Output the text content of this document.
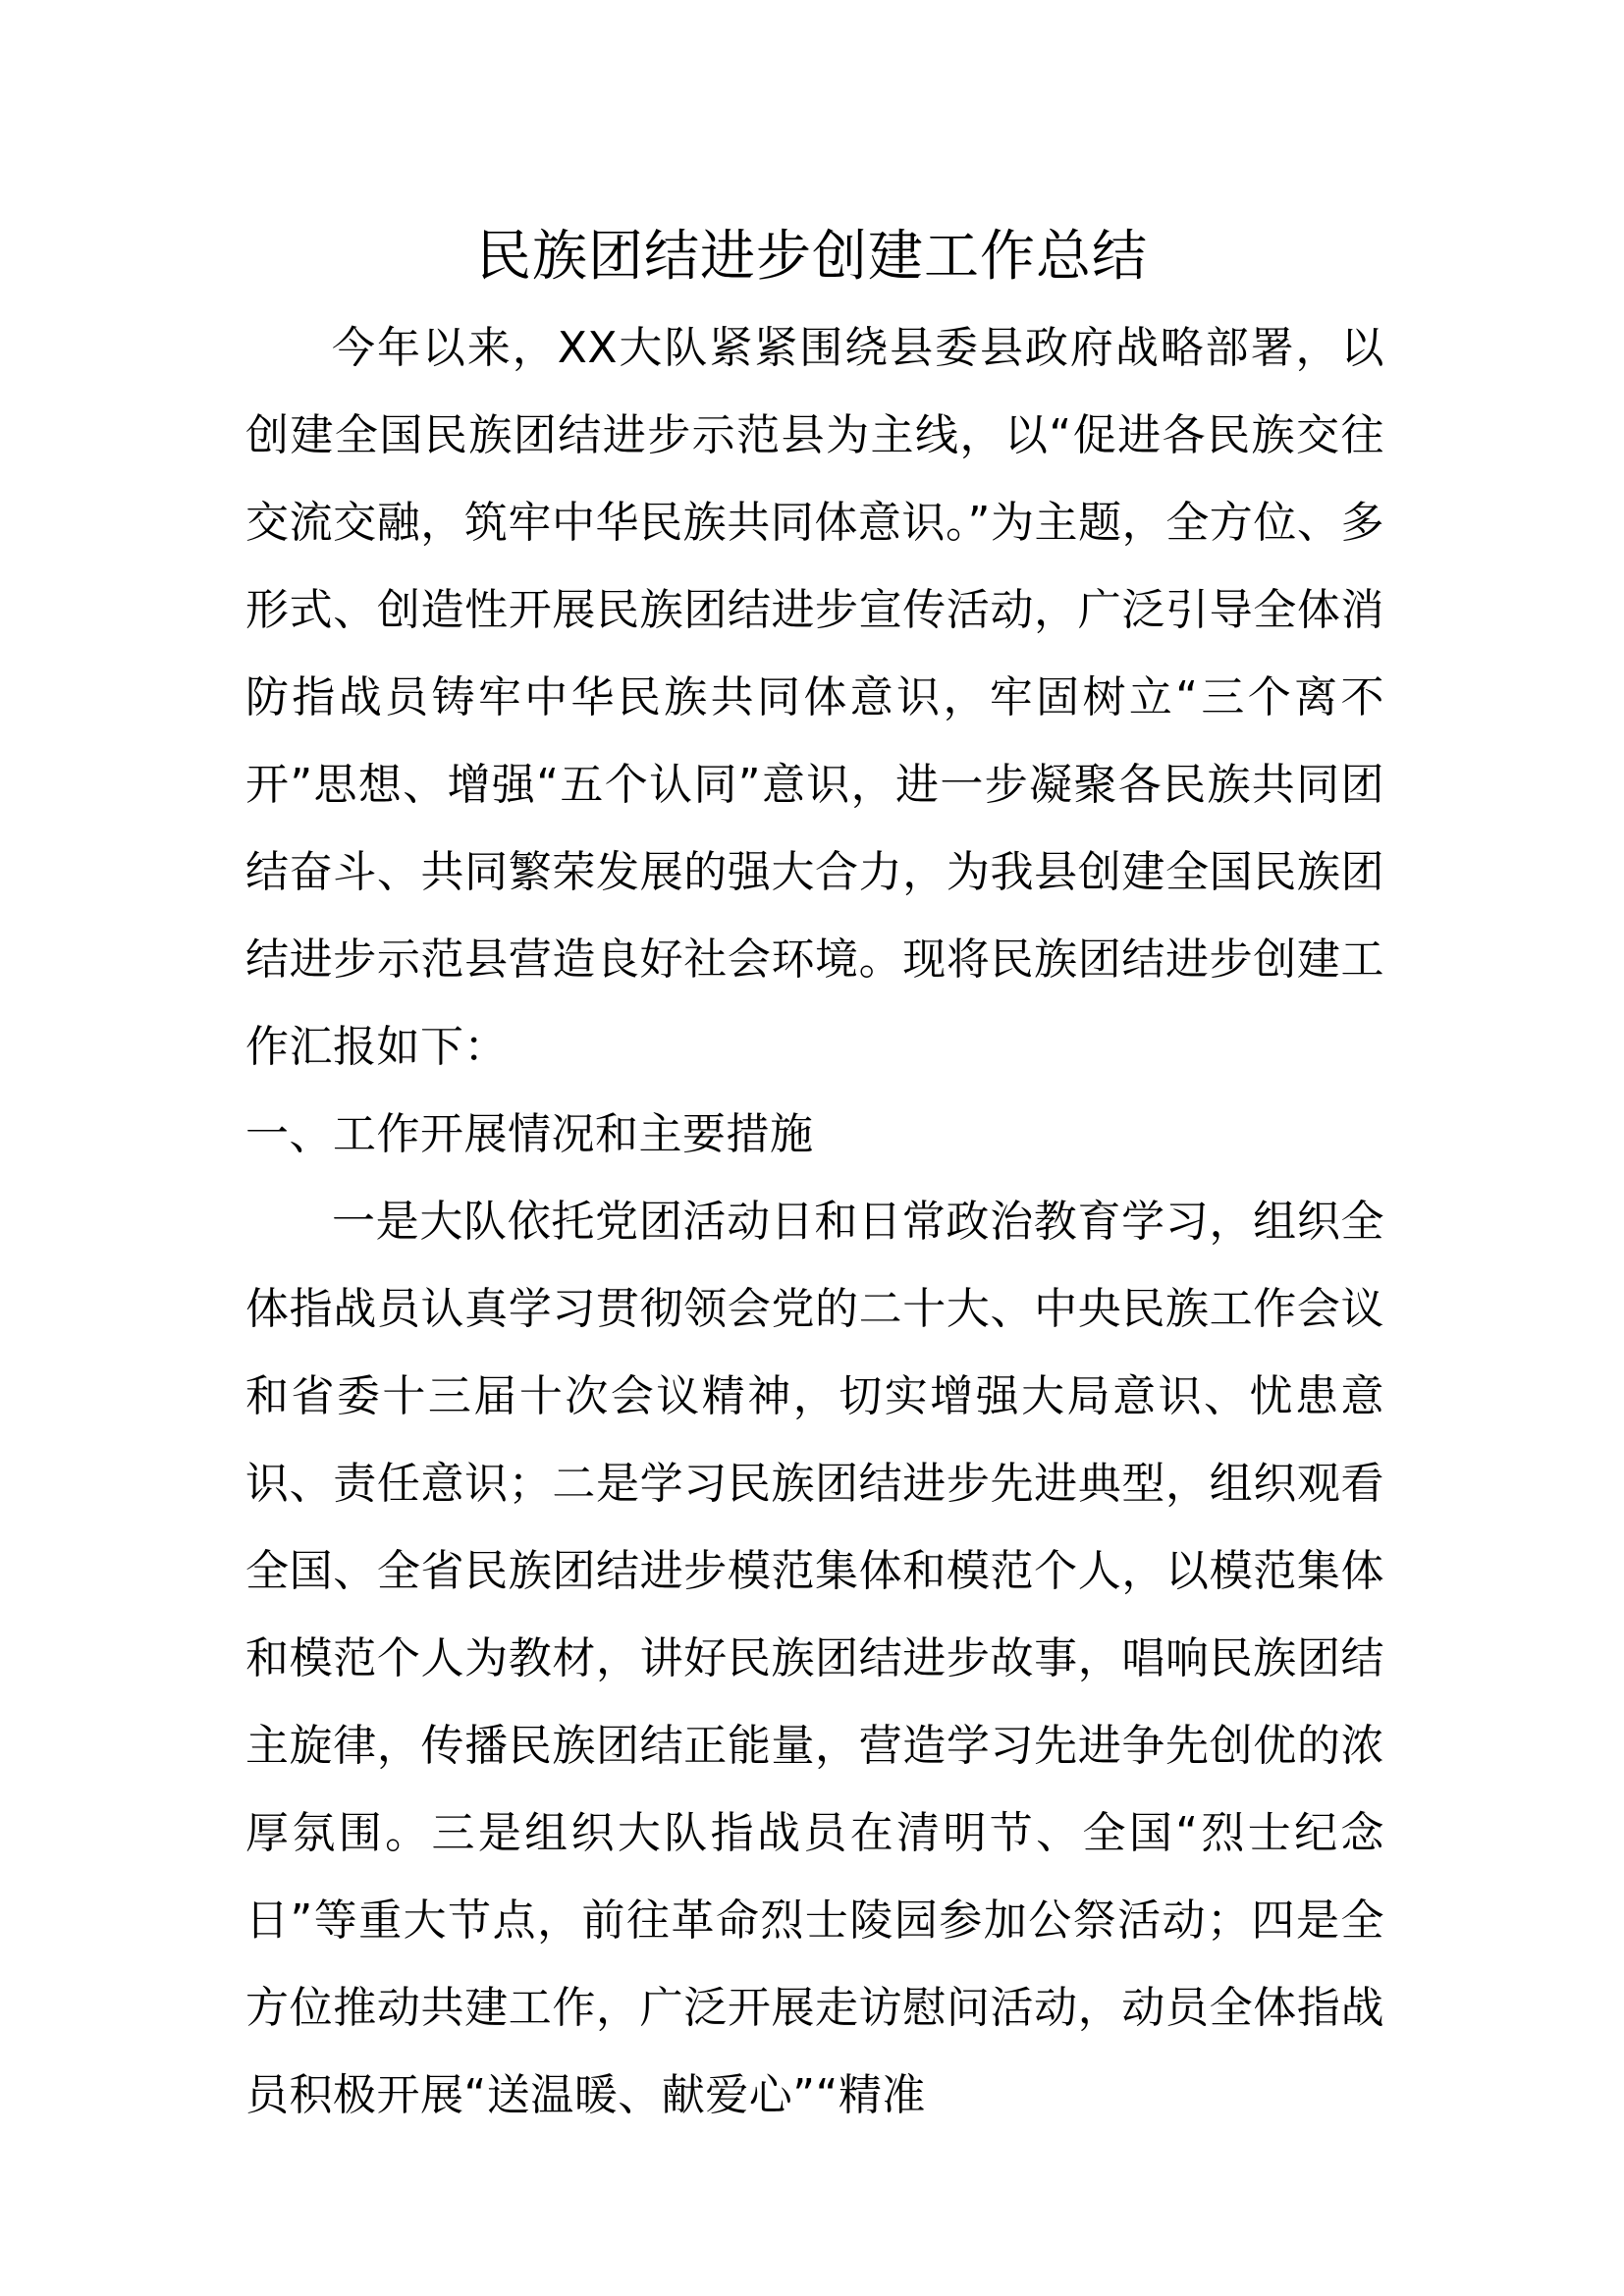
民族团结进步创建工作总结

今年以来，XX大队紧紧围绕县委县政府战略部署，以创建全国民族团结进步示范县为主线，以“促进各民族交往交流交融，筑牢中华民族共同体意识。”为主题，全方位、多形式、创造性开展民族团结进步宣传活动，广泛引导全体消防指战员铸牢中华民族共同体意识，牢固树立“三个离不开”思想、增强“五个认同”意识，进一步凝聚各民族共同团结奋斗、共同繁荣发展的强大合力，为我县创建全国民族团结进步示范县营造良好社会环境。现将民族团结进步创建工作汇报如下：

一、工作开展情况和主要措施

一是大队依托党团活动日和日常政治教育学习，组织全体指战员认真学习贯彻领会党的二十大、中央民族工作会议和省委十三届十次会议精神，切实增强大局意识、忧患意识、责任意识；二是学习民族团结进步先进典型，组织观看全国、全省民族团结进步模范集体和模范个人，以模范集体和模范个人为教材，讲好民族团结进步故事，唱响民族团结主旋律，传播民族团结正能量，营造学习先进争先创优的浓厚氛围。三是组织大队指战员在清明节、全国“烈士纪念日”等重大节点，前往革命烈士陵园参加公祭活动；四是全方位推动共建工作，广泛开展走访慰问活动，动员全体指战员积极开展“送温暖、献爱心”“精准
